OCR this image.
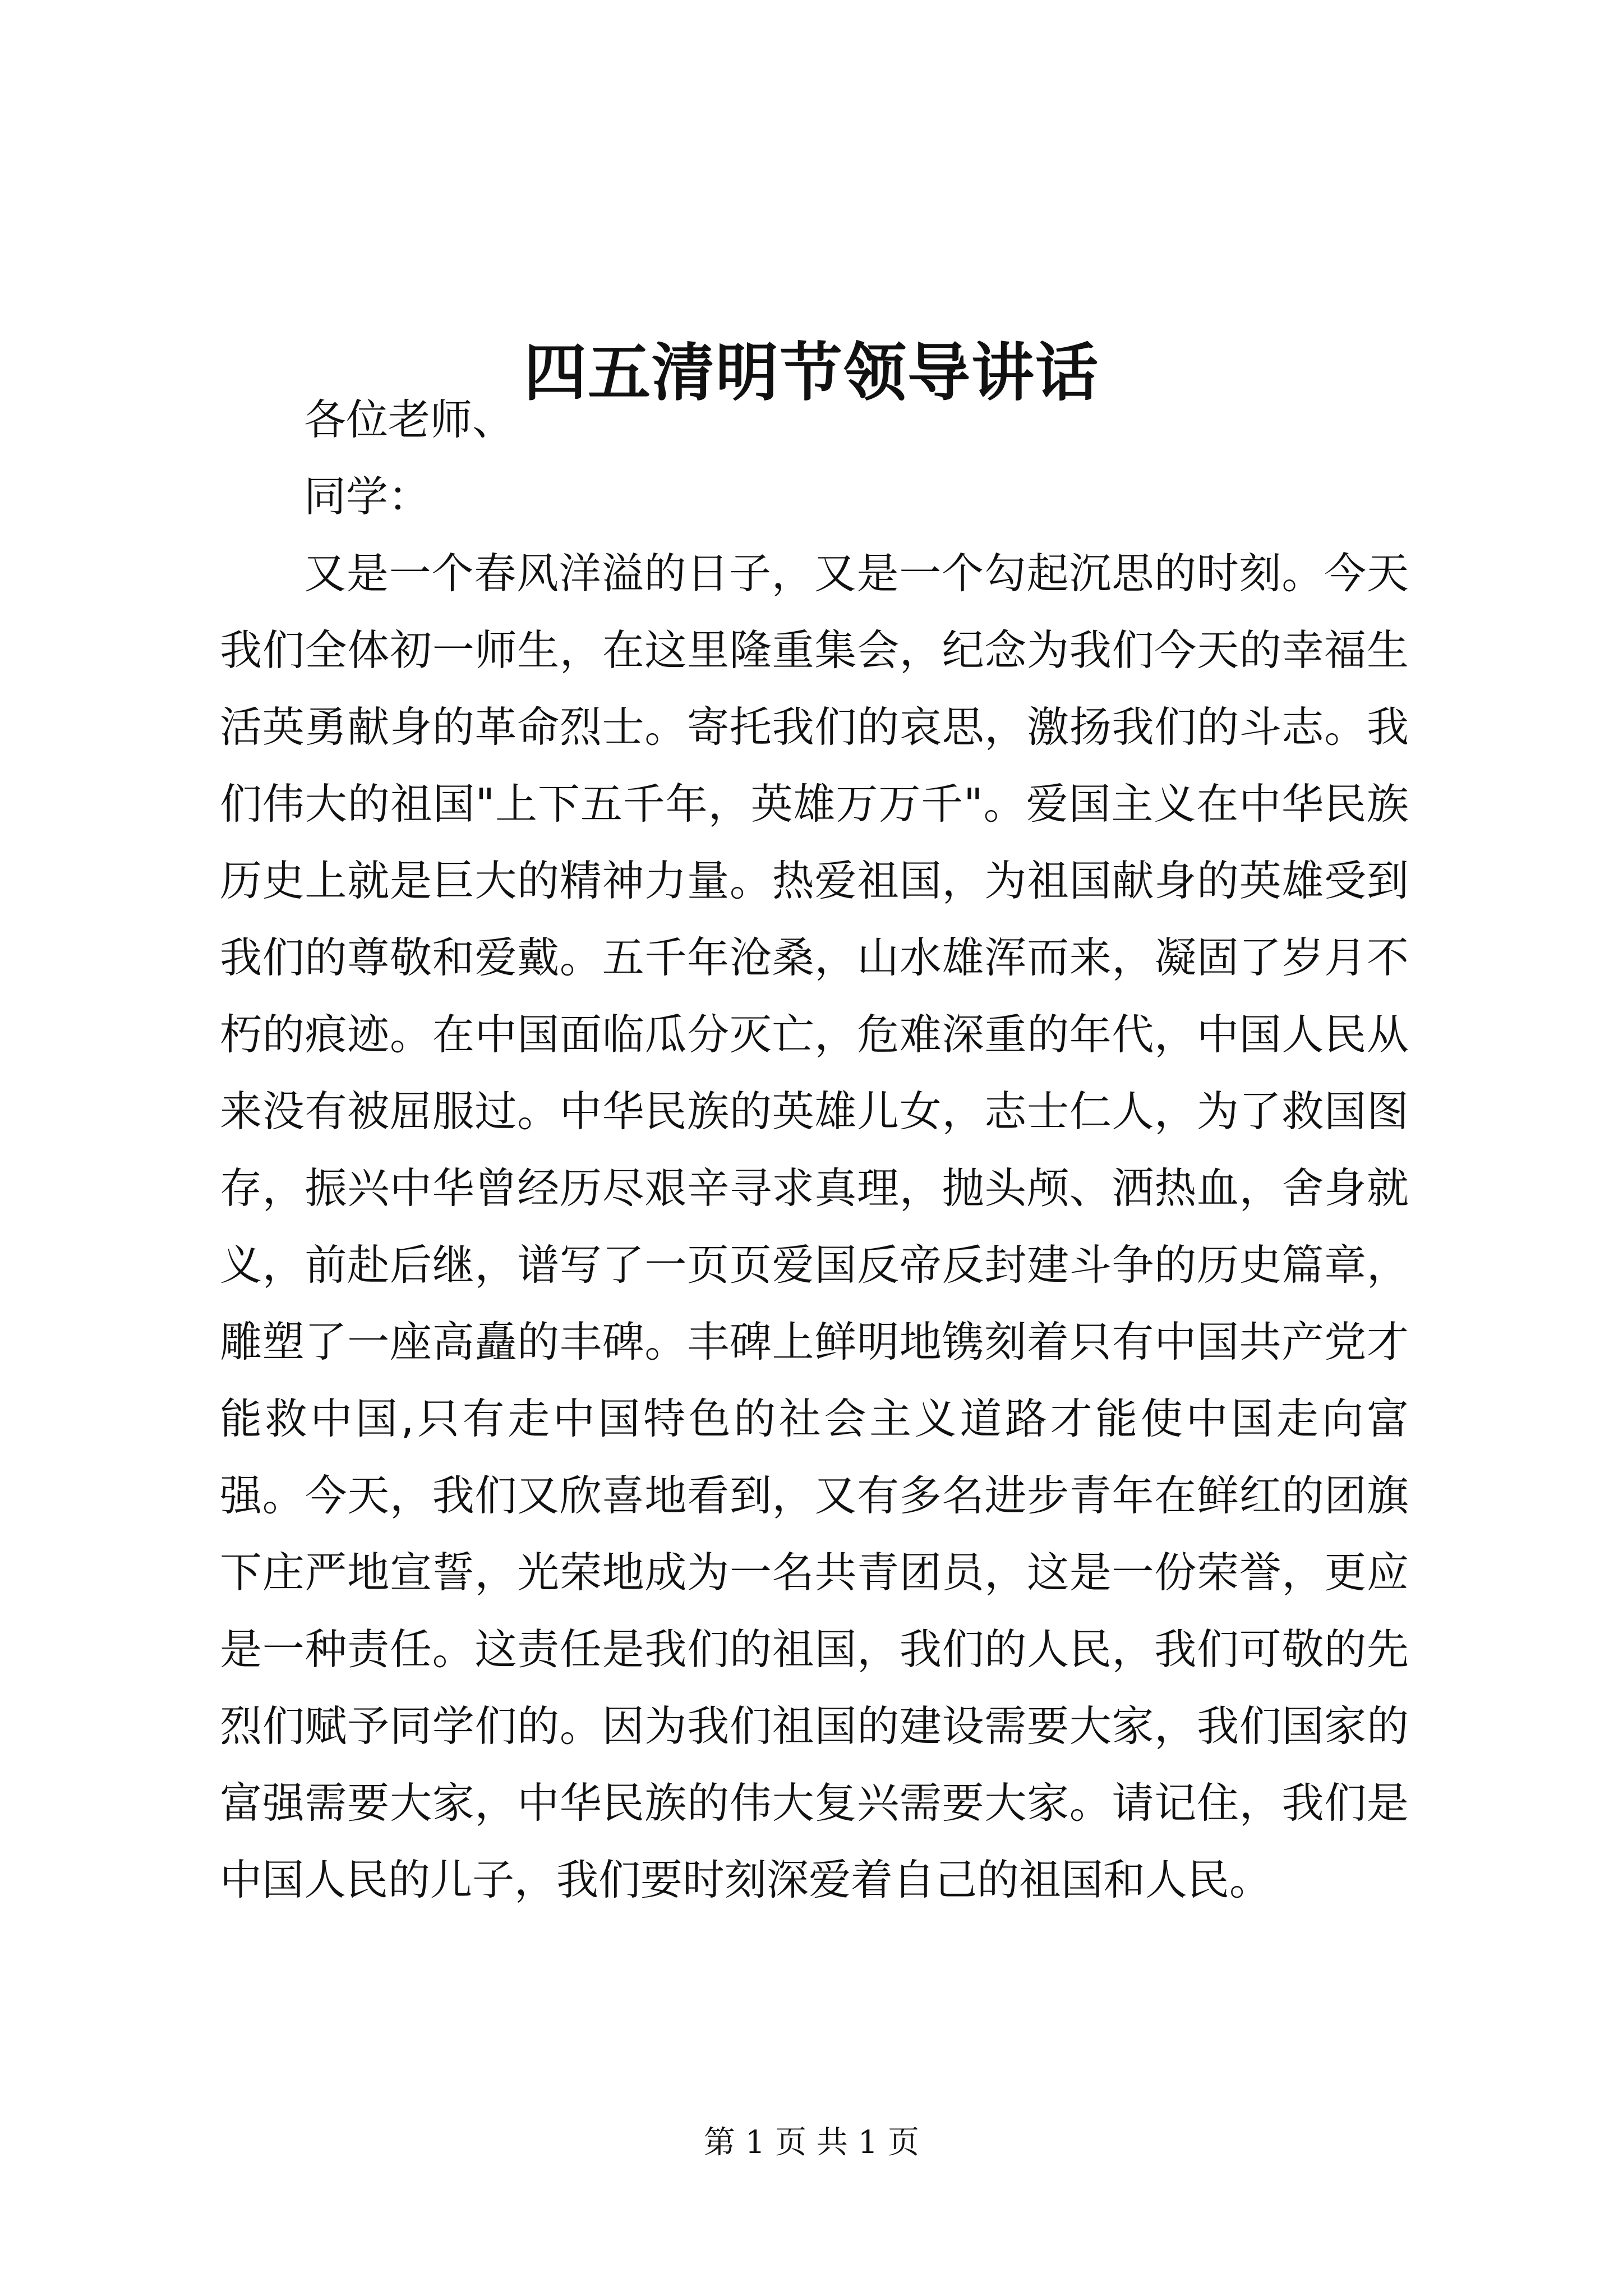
四五清明节领导讲话

各位老师、

同学：

又是一个春风洋溢的日子，又是一个勾起沉思的时刻。今天我们全体初一师生，在这里隆重集会，纪念为我们今天的幸福生活英勇献身的革命烈士。寄托我们的哀思，激扬我们的斗志。我们伟大的祖国"上下五千年，英雄万万千"。爱国主义在中华民族历史上就是巨大的精神力量。热爱祖国，为祖国献身的英雄受到我们的尊敬和爱戴。五千年沧桑，山水雄浑而来，凝固了岁月不朽的痕迹。在中国面临瓜分灭亡，危难深重的年代，中国人民从来没有被屈服过。中华民族的英雄儿女，志士仁人，为了救国图存，振兴中华曾经历尽艰辛寻求真理，抛头颅、洒热血，舍身就义，前赴后继，谱写了一页页爱国反帝反封建斗争的历史篇章，雕塑了一座高矗的丰碑。丰碑上鲜明地镌刻着只有中国共产党才能救中国,只有走中国特色的社会主义道路才能使中国走向富强。今天，我们又欣喜地看到，又有多名进步青年在鲜红的团旗下庄严地宣誓，光荣地成为一名共青团员，这是一份荣誉，更应是一种责任。这责任是我们的祖国，我们的人民，我们可敬的先烈们赋予同学们的。因为我们祖国的建设需要大家，我们国家的富强需要大家，中华民族的伟大复兴需要大家。请记住，我们是中国人民的儿子，我们要时刻深爱着自己的祖国和人民。

第 1 页 共 1 页
